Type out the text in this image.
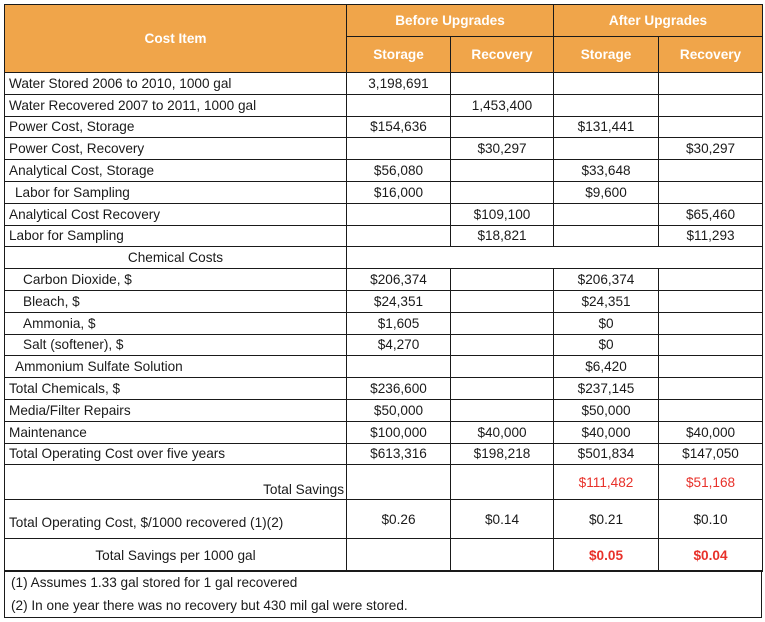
Cost Item	Before Upgrades		After Upgrades	
	Storage	Recovery	Storage	Recovery
Water Stored 2006 to 2010, 1000 gal	3,198,691			
Water Recovered 2007 to 2011, 1000 gal		1,453,400		
Power Cost, Storage	$154,636		$131,441	
Power Cost, Recovery		$30,297		$30,297
Analytical Cost, Storage	$56,080		$33,648	
Labor for Sampling	$16,000		$9,600	
Analytical Cost Recovery		$109,100		$65,460
Labor for Sampling		$18,821		$11,293
Chemical Costs				
Carbon Dioxide, $	$206,374		$206,374	
Bleach, $	$24,351		$24,351	
Ammonia, $	$1,605		$0	
Salt (softener), $	$4,270		$0	
Ammonium Sulfate Solution			$6,420	
Total Chemicals, $	$236,600		$237,145	
Media/Filter Repairs	$50,000		$50,000	
Maintenance	$100,000	$40,000	$40,000	$40,000
Total Operating Cost over five years	$613,316	$198,218	$501,834	$147,050
Total Savings			$111,482	$51,168
Total Operating Cost, $/1000 recovered (1)(2)	$0.26	$0.14	$0.21	$0.10
Total Savings per 1000 gal			$0.05	$0.04
(1) Assumes 1.33 gal stored for 1 gal recovered
(2) In one year there was no recovery but 430 mil gal were stored.
